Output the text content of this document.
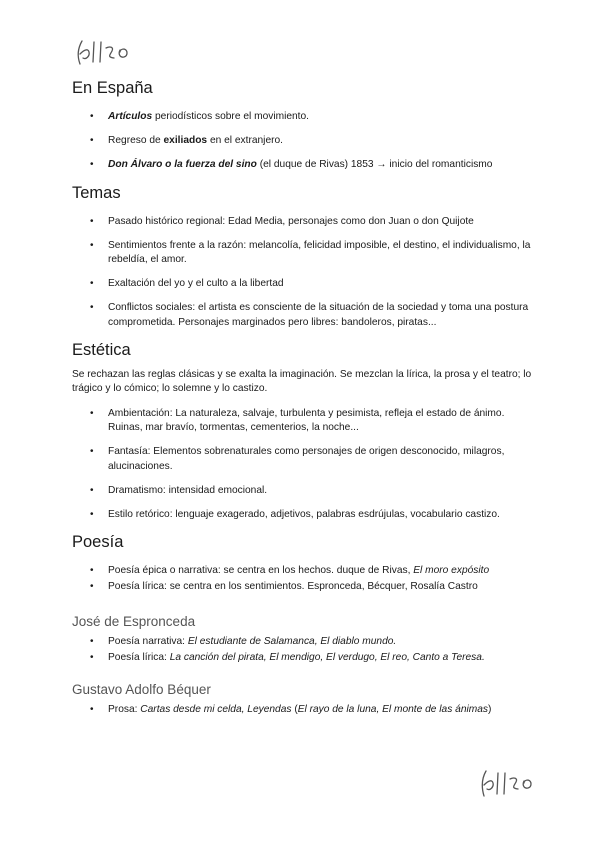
En España
• Artículos periodísticos sobre el movimiento.
• Regreso de exiliados en el extranjero.
• Don Álvaro o la fuerza del sino (el duque de Rivas) 1853 → inicio del romanticismo
Temas
• Pasado histórico regional: Edad Media, personajes como don Juan o don Quijote
• Sentimientos frente a la razón: melancolía, felicidad imposible, el destino, el individualismo, la rebeldía, el amor.
• Exaltación del yo y el culto a la libertad
• Conflictos sociales: el artista es consciente de la situación de la sociedad y toma una postura comprometida. Personajes marginados pero libres: bandoleros, piratas...
Estética

Se rechazan las reglas clásicas y se exalta la imaginación. Se mezclan la lírica, la prosa y el teatro; lo trágico y lo cómico; lo solemne y lo castizo.

• Ambientación: La naturaleza, salvaje, turbulenta y pesimista, refleja el estado de ánimo. Ruinas, mar bravío, tormentas, cementerios, la noche...
• Fantasía: Elementos sobrenaturales como personajes de origen desconocido, milagros, alucinaciones.
• Dramatismo: intensidad emocional.
• Estilo retórico: lenguaje exagerado, adjetivos, palabras esdrújulas, vocabulario castizo.
Poesía
• Poesía épica o narrativa: se centra en los hechos. duque de Rivas, El moro expósito
• Poesía lírica: se centra en los sentimientos. Espronceda, Bécquer, Rosalía Castro
José de Espronceda
• Poesía narrativa: El estudiante de Salamanca, El diablo mundo.
• Poesía lírica: La canción del pirata, El mendigo, El verdugo, El reo, Canto a Teresa.
Gustavo Adolfo Béquer
• Prosa: Cartas desde mi celda, Leyendas (El rayo de la luna, El monte de las ánimas)
